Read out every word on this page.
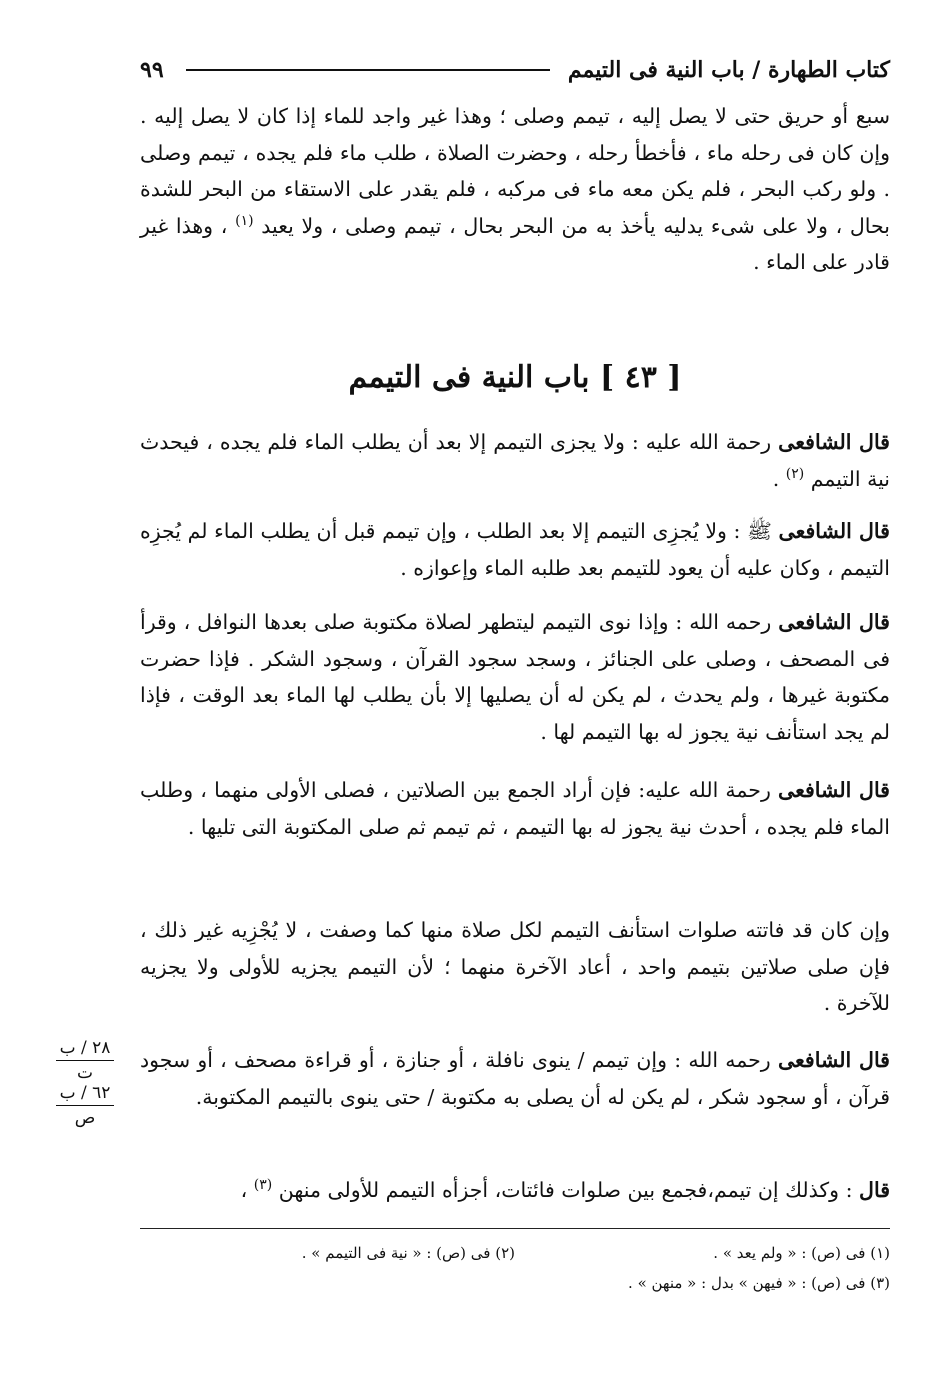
كتاب الطهارة / باب النية فى التيمم
٩٩
سبع أو حريق حتى لا يصل إليه ، تيمم وصلى ؛ وهذا غير واجد للماء إذا كان لا يصل إليه . وإن كان فى رحله ماء ، فأخطأ رحله ، وحضرت الصلاة ، طلب ماء فلم يجده ، تيمم وصلى . ولو ركب البحر ، فلم يكن معه ماء فى مركبه ، فلم يقدر على الاستقاء من البحر للشدة بحال ، ولا على شىء يدليه يأخذ به من البحر بحال ، تيمم وصلى ، ولا يعيد $^{(١)}$ ، وهذا غير قادر على الماء .
[ ٤٣ ] باب النية فى التيمم
قال الشافعى رحمة الله عليه : ولا يجزى التيمم إلا بعد أن يطلب الماء فلم يجده ، فيحدث نية التيمم $^{(٢)}$ .
قال الشافعى ﷺ : ولا يُجزِى التيمم إلا بعد الطلب ، وإن تيمم قبل أن يطلب الماء لم يُجزِه التيمم ، وكان عليه أن يعود للتيمم بعد طلبه الماء وإعوازه .
قال الشافعى رحمه الله : وإذا نوى التيمم ليتطهر لصلاة مكتوبة صلى بعدها النوافل ، وقرأ فى المصحف ، وصلى على الجنائز ، وسجد سجود القرآن ، وسجود الشكر . فإذا حضرت مكتوبة غيرها ، ولم يحدث ، لم يكن له أن يصليها إلا بأن يطلب لها الماء بعد الوقت ، فإذا لم يجد استأنف نية يجوز له بها التيمم لها .
قال الشافعى رحمة الله عليه: فإن أراد الجمع بين الصلاتين ، فصلى الأولى منهما ، وطلب الماء فلم يجده ، أحدث نية يجوز له بها التيمم ، ثم تيمم ثم صلى المكتوبة التى تليها .
وإن كان قد فاتته صلوات استأنف التيمم لكل صلاة منها كما وصفت ، لا يُجْزِيه غير ذلك ، فإن صلى صلاتين بتيمم واحد ، أعاد الآخرة منهما ؛ لأن التيمم يجزيه للأولى ولا يجزيه للآخرة .
٢٨ / ب
ت
٦٢ / ب
ص
قال الشافعى رحمه الله : وإن تيمم / ينوى نافلة ، أو جنازة ، أو قراءة مصحف ، أو سجود قرآن ، أو سجود شكر ، لم يكن له أن يصلى به مكتوبة / حتى ينوى بالتيمم المكتوبة.
قال : وكذلك إن تيمم،فجمع بين صلوات فائتات، أجزأه التيمم للأولى منهن $^{(٣)}$ ،
(١) فى (ص) : « ولم يعد » .
(٢) فى (ص) : « نية فى التيمم » .
(٣) فى (ص) : « فيهن » بدل : « منهن » .
